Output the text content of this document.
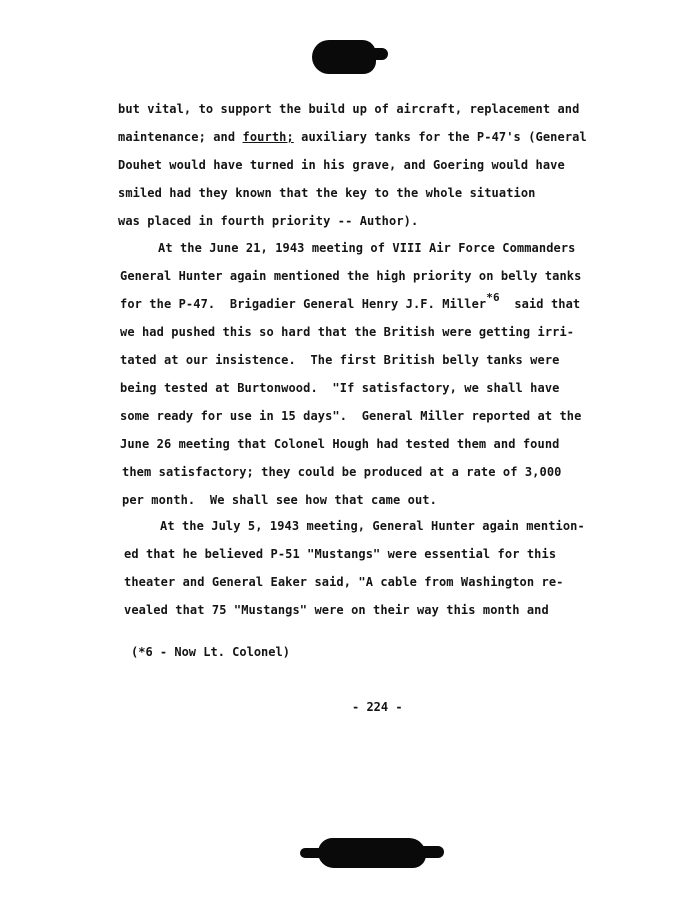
but vital, to support the build up of aircraft, replacement and
maintenance; and fourth; auxiliary tanks for the P-47's (General
Douhet would have turned in his grave, and Goering would have
smiled had they known that the key to the whole situation
was placed in fourth priority -- Author).
At the June 21, 1943 meeting of VIII Air Force Commanders
General Hunter again mentioned the high priority on belly tanks
for the P-47.  Brigadier General Henry J.F. Miller*6  said that
we had pushed this so hard that the British were getting irri-
tated at our insistence.  The first British belly tanks were
being tested at Burtonwood.  "If satisfactory, we shall have
some ready for use in 15 days".  General Miller reported at the
June 26 meeting that Colonel Hough had tested them and found
them satisfactory; they could be produced at a rate of 3,000
per month.  We shall see how that came out.
At the July 5, 1943 meeting, General Hunter again mention-
ed that he believed P-51 "Mustangs" were essential for this
theater and General Eaker said, "A cable from Washington re-
vealed that 75 "Mustangs" were on their way this month and
(*6 - Now Lt. Colonel)
- 224 -
